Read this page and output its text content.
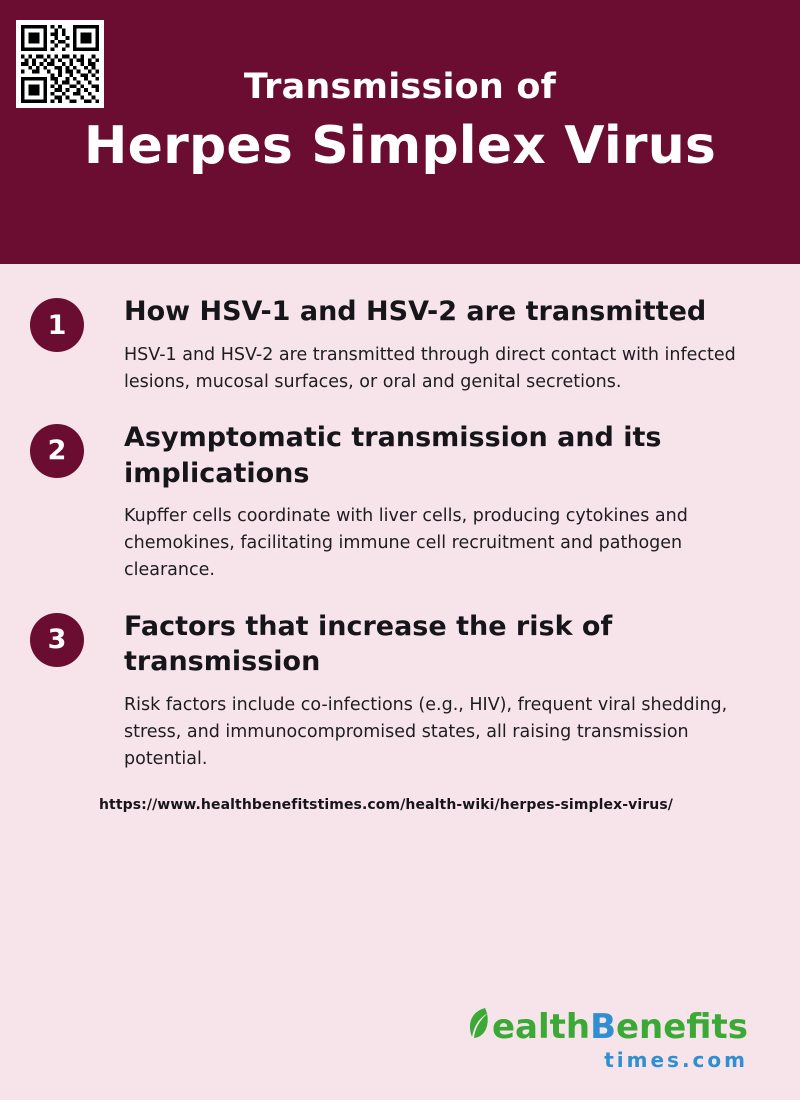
Transmission of
Herpes Simplex Virus
1	How HSV-1 and HSV-2 are transmitted

HSV-1 and HSV-2 are transmitted through direct contact with infected lesions, mucosal surfaces, or oral and genital secretions.

2	Asymptomatic transmission and its implications

Kupffer cells coordinate with liver cells, producing cytokines and chemokines, facilitating immune cell recruitment and pathogen clearance.

3	Factors that increase the risk of transmission

Risk factors include co-infections (e.g., HIV), frequent viral shedding, stress, and immunocompromised states, all raising transmission potential.

https://www.healthbenefitstimes.com/health-wiki/herpes-simplex-virus/
ealthBenefits
times.com
